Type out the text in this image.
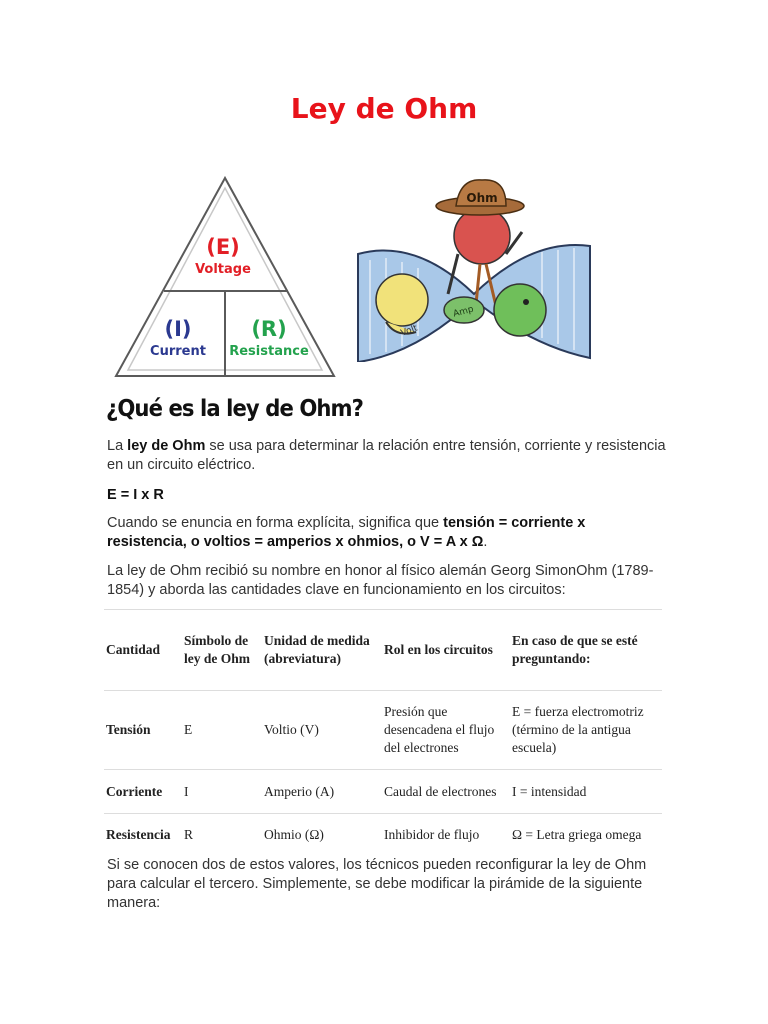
Ley de Ohm
(E)
Voltage
(I)
Current
(R)
Resistance
Ohm
Volt
Amp
¿Qué es la ley de Ohm?
La ley de Ohm se usa para determinar la relación entre tensión, corriente y resistencia en un circuito eléctrico.
E = I x R
Cuando se enuncia en forma explícita, significa que tensión = corriente x resistencia, o voltios = amperios x ohmios, o V = A x Ω.
La ley de Ohm recibió su nombre en honor al físico alemán Georg SimonOhm (1789-1854) y aborda las cantidades clave en funcionamiento en los circuitos:
Cantidad	Símbolo de ley de Ohm	Unidad de medida (abreviatura)	Rol en los circuitos	En caso de que se esté preguntando:
Tensión	E	Voltio (V)	Presión que desencadena el flujo del electrones	E = fuerza electromotriz (término de la antigua escuela)
Corriente	I	Amperio (A)	Caudal de electrones	I = intensidad
Resistencia	R	Ohmio (Ω)	Inhibidor de flujo	Ω = Letra griega omega
Si se conocen dos de estos valores, los técnicos pueden reconfigurar la ley de Ohm para calcular el tercero. Simplemente, se debe modificar la pirámide de la siguiente manera:
